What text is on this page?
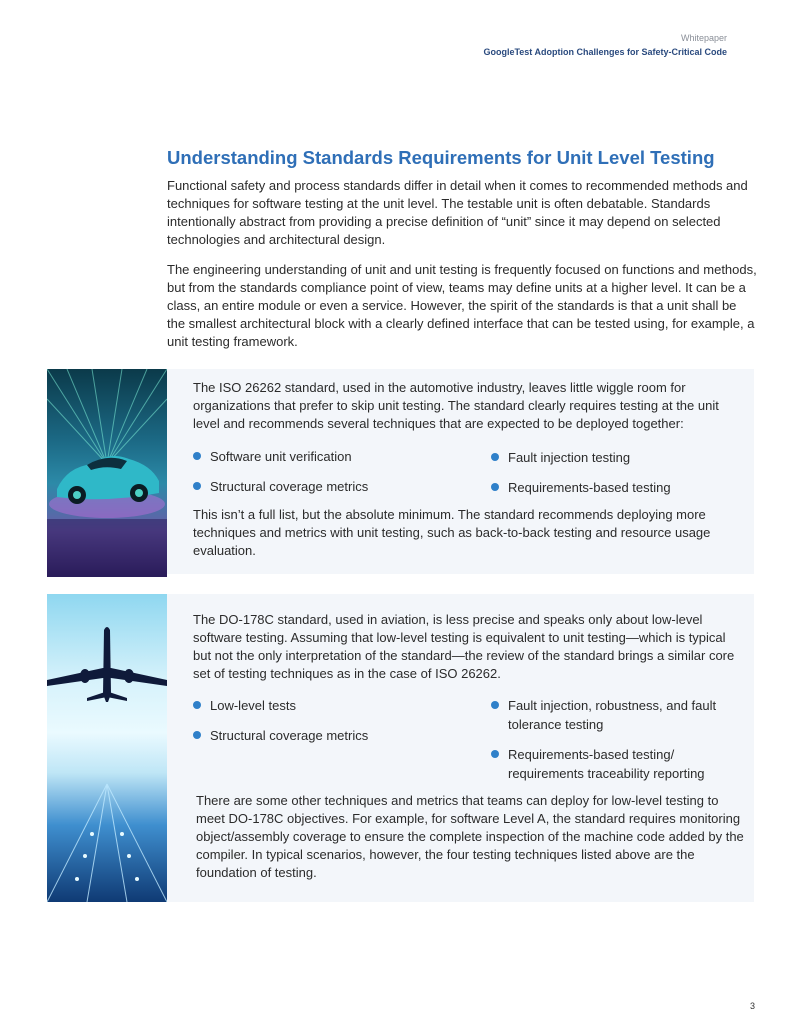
Whitepaper
GoogleTest Adoption Challenges for Safety-Critical Code
Understanding Standards Requirements for Unit Level Testing

Functional safety and process standards differ in detail when it comes to recommended methods and techniques for software testing at the unit level. The testable unit is often debatable. Standards intentionally abstract from providing a precise definition of “unit” since it may depend on selected technologies and architectural design.

The engineering understanding of unit and unit testing is frequently focused on functions and methods, but from the standards compliance point of view, teams may define units at a higher level. It can be a class, an entire module or even a service. However, the spirit of the standards is that a unit shall be the smallest architectural block with a clearly defined interface that can be tested using, for example, a unit testing framework.

The ISO 26262 standard, used in the automotive industry, leaves little wiggle room for organizations that prefer to skip unit testing. The standard clearly requires testing at the unit level and recommends several techniques that are expected to be deployed together:

Software unit verification
Structural coverage metrics
Fault injection testing
Requirements-based testing

This isn’t a full list, but the absolute minimum. The standard recommends deploying more techniques and metrics with unit testing, such as back-to-back testing and resource usage evaluation.

The DO-178C standard, used in aviation, is less precise and speaks only about low-level software testing. Assuming that low-level testing is equivalent to unit testing—which is typical but not the only interpretation of the standard—the review of the standard brings a similar core set of testing techniques as in the case of ISO 26262.

Low-level tests
Structural coverage metrics
Fault injection, robustness, and fault tolerance testing
Requirements-based testing/ requirements traceability reporting

There are some other techniques and metrics that teams can deploy for low-level testing to meet DO-178C objectives. For example, for software Level A, the standard requires monitoring object/assembly coverage to ensure the complete inspection of the machine code added by the compiler. In typical scenarios, however, the four testing techniques listed above are the foundation of testing.

3
